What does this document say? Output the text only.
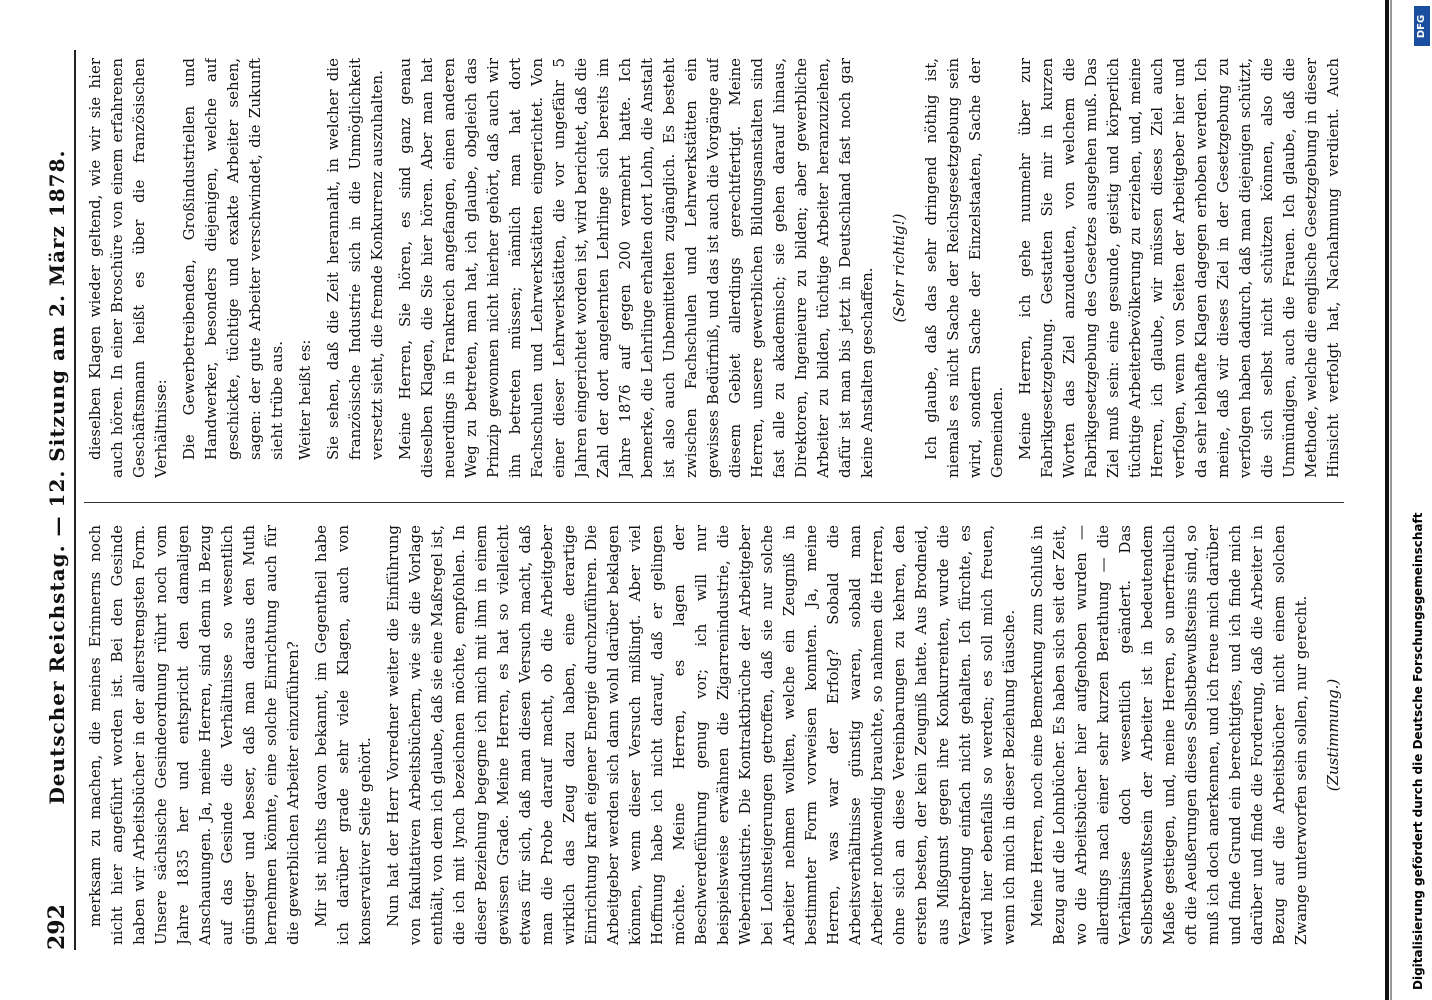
292
Deutscher Reichstag. — 12. Sitzung am 2. März 1878.

merksam zu machen, die meines Erinnerns noch nicht hier angeführt worden ist. Bei den Gesinde haben wir Arbeitsbücher in der allerstrengsten Form. Unsere sächsische Gesindeordnung rührt noch vom Jahre 1835 her und entspricht den damaligen Anschauungen. Ja, meine Herren, sind denn in Bezug auf das Gesinde die Verhältnisse so wesentlich günstiger und besser, daß man daraus den Muth hernehmen könnte, eine solche Einrichtung auch für die gewerblichen Arbeiter einzuführen? Mir ist nichts davon bekannt, im Gegentheil habe ich darüber grade sehr viele Klagen, auch von konservativer Seite gehört. Nun hat der Herr Vorredner weiter die Einführung von fakultativen Arbeitsbüchern, wie sie die Vorlage enthält, von dem ich glaube, daß sie eine Maßregel ist, die ich mit lynch bezeichnen möchte, empfohlen. In dieser Beziehung begegne ich mich mit ihm in einem gewissen Grade. Meine Herren, es hat so vielleicht etwas für sich, daß man diesen Versuch macht, daß man die Probe darauf macht, ob die Arbeitgeber wirklich das Zeug dazu haben, eine derartige Einrichtung kraft eigener Energie durchzuführen. Die Arbeitgeber werden sich dann wohl darüber beklagen können, wenn dieser Versuch mißlingt. Aber viel Hoffnung habe ich nicht darauf, daß er gelingen möchte. Meine Herren, es lagen der Beschwerdeführung genug vor; ich will nur beispielsweise erwähnen die Zigarrenindustrie, die Weberindustrie. Die Kontraktbrüche der Arbeitgeber bei Lohnsteigerungen getroffen, daß sie nur solche Arbeiter nehmen wollten, welche ein Zeugniß in bestimmter Form vorweisen konnten. Ja, meine Herren, was war der Erfolg? Sobald die Arbeitsverhältnisse günstig waren, sobald man Arbeiter nothwendig brauchte, so nahmen die Herren, ohne sich an diese Vereinbarungen zu kehren, den ersten besten, der kein Zeugniß hatte. Aus Brodneid, aus Mißgunst gegen ihre Konkurrenten, wurde die Verabredung einfach nicht gehalten. Ich fürchte, es wird hier ebenfalls so werden; es soll mich freuen, wenn ich mich in dieser Beziehung täusche. Meine Herren, noch eine Bemerkung zum Schluß in Bezug auf die Lohnbücher. Es haben sich seit der Zeit, wo die Arbeitsbücher hier aufgehoben wurden — allerdings nach einer sehr kurzen Berathung — die Verhältnisse doch wesentlich geändert. Das Selbstbewußtsein der Arbeiter ist in bedeutendem Maße gestiegen, und, meine Herren, so unerfreulich oft die Aeußerungen dieses Selbstbewußtseins sind, so muß ich doch anerkennen, und ich freue mich darüber und finde Grund ein berechtigtes, und ich finde mich darüber und finde die Forderung, daß die Arbeiter in Bezug auf die Arbeitsbücher nicht einem solchen Zwange unterworfen sein sollen, nur gerecht. (Zustimmung.)

dieselben Klagen wieder geltend, wie wir sie hier auch hören. In einer Broschüre von einem erfahrenen Geschäftsmann heißt es über die französischen Verhältnisse: Die Gewerbetreibenden, Großindustriellen und Handwerker, besonders diejenigen, welche auf geschickte, tüchtige und exakte Arbeiter sehen, sagen: der gute Arbeiter verschwindet, die Zukunft sieht trübe aus. Weiter heißt es: Sie sehen, daß die Zeit herannaht, in welcher die französische Industrie sich in die Unmöglichkeit versetzt sieht, die fremde Konkurrenz auszuhalten. Meine Herren, Sie hören, es sind ganz genau dieselben Klagen, die Sie hier hören. Aber man hat neuerdings in Frankreich angefangen, einen anderen Weg zu betreten, man hat, ich glaube, obgleich das Prinzip gewonnen nicht hierher gehört, daß auch wir ihn betreten müssen; nämlich man hat dort Fachschulen und Lehrwerkstätten eingerichtet. Von einer dieser Lehrwerkstätten, die vor ungefähr 5 Jahren eingerichtet worden ist, wird berichtet, daß die Zahl der dort angelernten Lehrlinge sich bereits im Jahre 1876 auf gegen 200 vermehrt hatte. Ich bemerke, die Lehrlinge erhalten dort Lohn, die Anstalt ist also auch Unbemittelten zugänglich. Es besteht zwischen Fachschulen und Lehrwerkstätten ein gewisses Bedürfniß, und das ist auch die Vorgänge auf diesem Gebiet allerdings gerechtfertigt. Meine Herren, unsere gewerblichen Bildungsanstalten sind fast alle zu akademisch; sie gehen darauf hinaus, Direktoren, Ingenieure zu bilden; aber gewerbliche Arbeiter zu bilden, tüchtige Arbeiter heranzuziehen, dafür ist man bis jetzt in Deutschland fast noch gar keine Anstalten geschaffen. (Sehr richtig!) Ich glaube, daß das sehr dringend nöthig ist, niemals es nicht Sache der Reichsgesetzgebung sein wird, sondern Sache der Einzelstaaten, Sache der Gemeinden. Meine Herren, ich gehe nunmehr über zur Fabrikgesetzgebung. Gestatten Sie mir in kurzen Worten das Ziel anzudeuten, von welchem die Fabrikgesetzgebung des Gesetzes ausgehen muß. Das Ziel muß sein: eine gesunde, geistig und körperlich tüchtige Arbeiterbevölkerung zu erziehen, und, meine Herren, ich glaube, wir müssen dieses Ziel auch verfolgen, wenn von Seiten der Arbeitgeber hier und da sehr lebhafte Klagen dagegen erhoben werden. Ich meine, daß wir dieses Ziel in der Gesetzgebung zu verfolgen haben dadurch, daß man diejenigen schützt, die sich selbst nicht schützen können, also die Unmündigen, auch die Frauen. Ich glaube, daß die Methode, welche die englische Gesetzgebung in dieser Hinsicht verfolgt hat, Nachahmung verdient. Auch

Digitalisierung gefördert durch die Deutsche Forschungsgemeinschaft
DFG
